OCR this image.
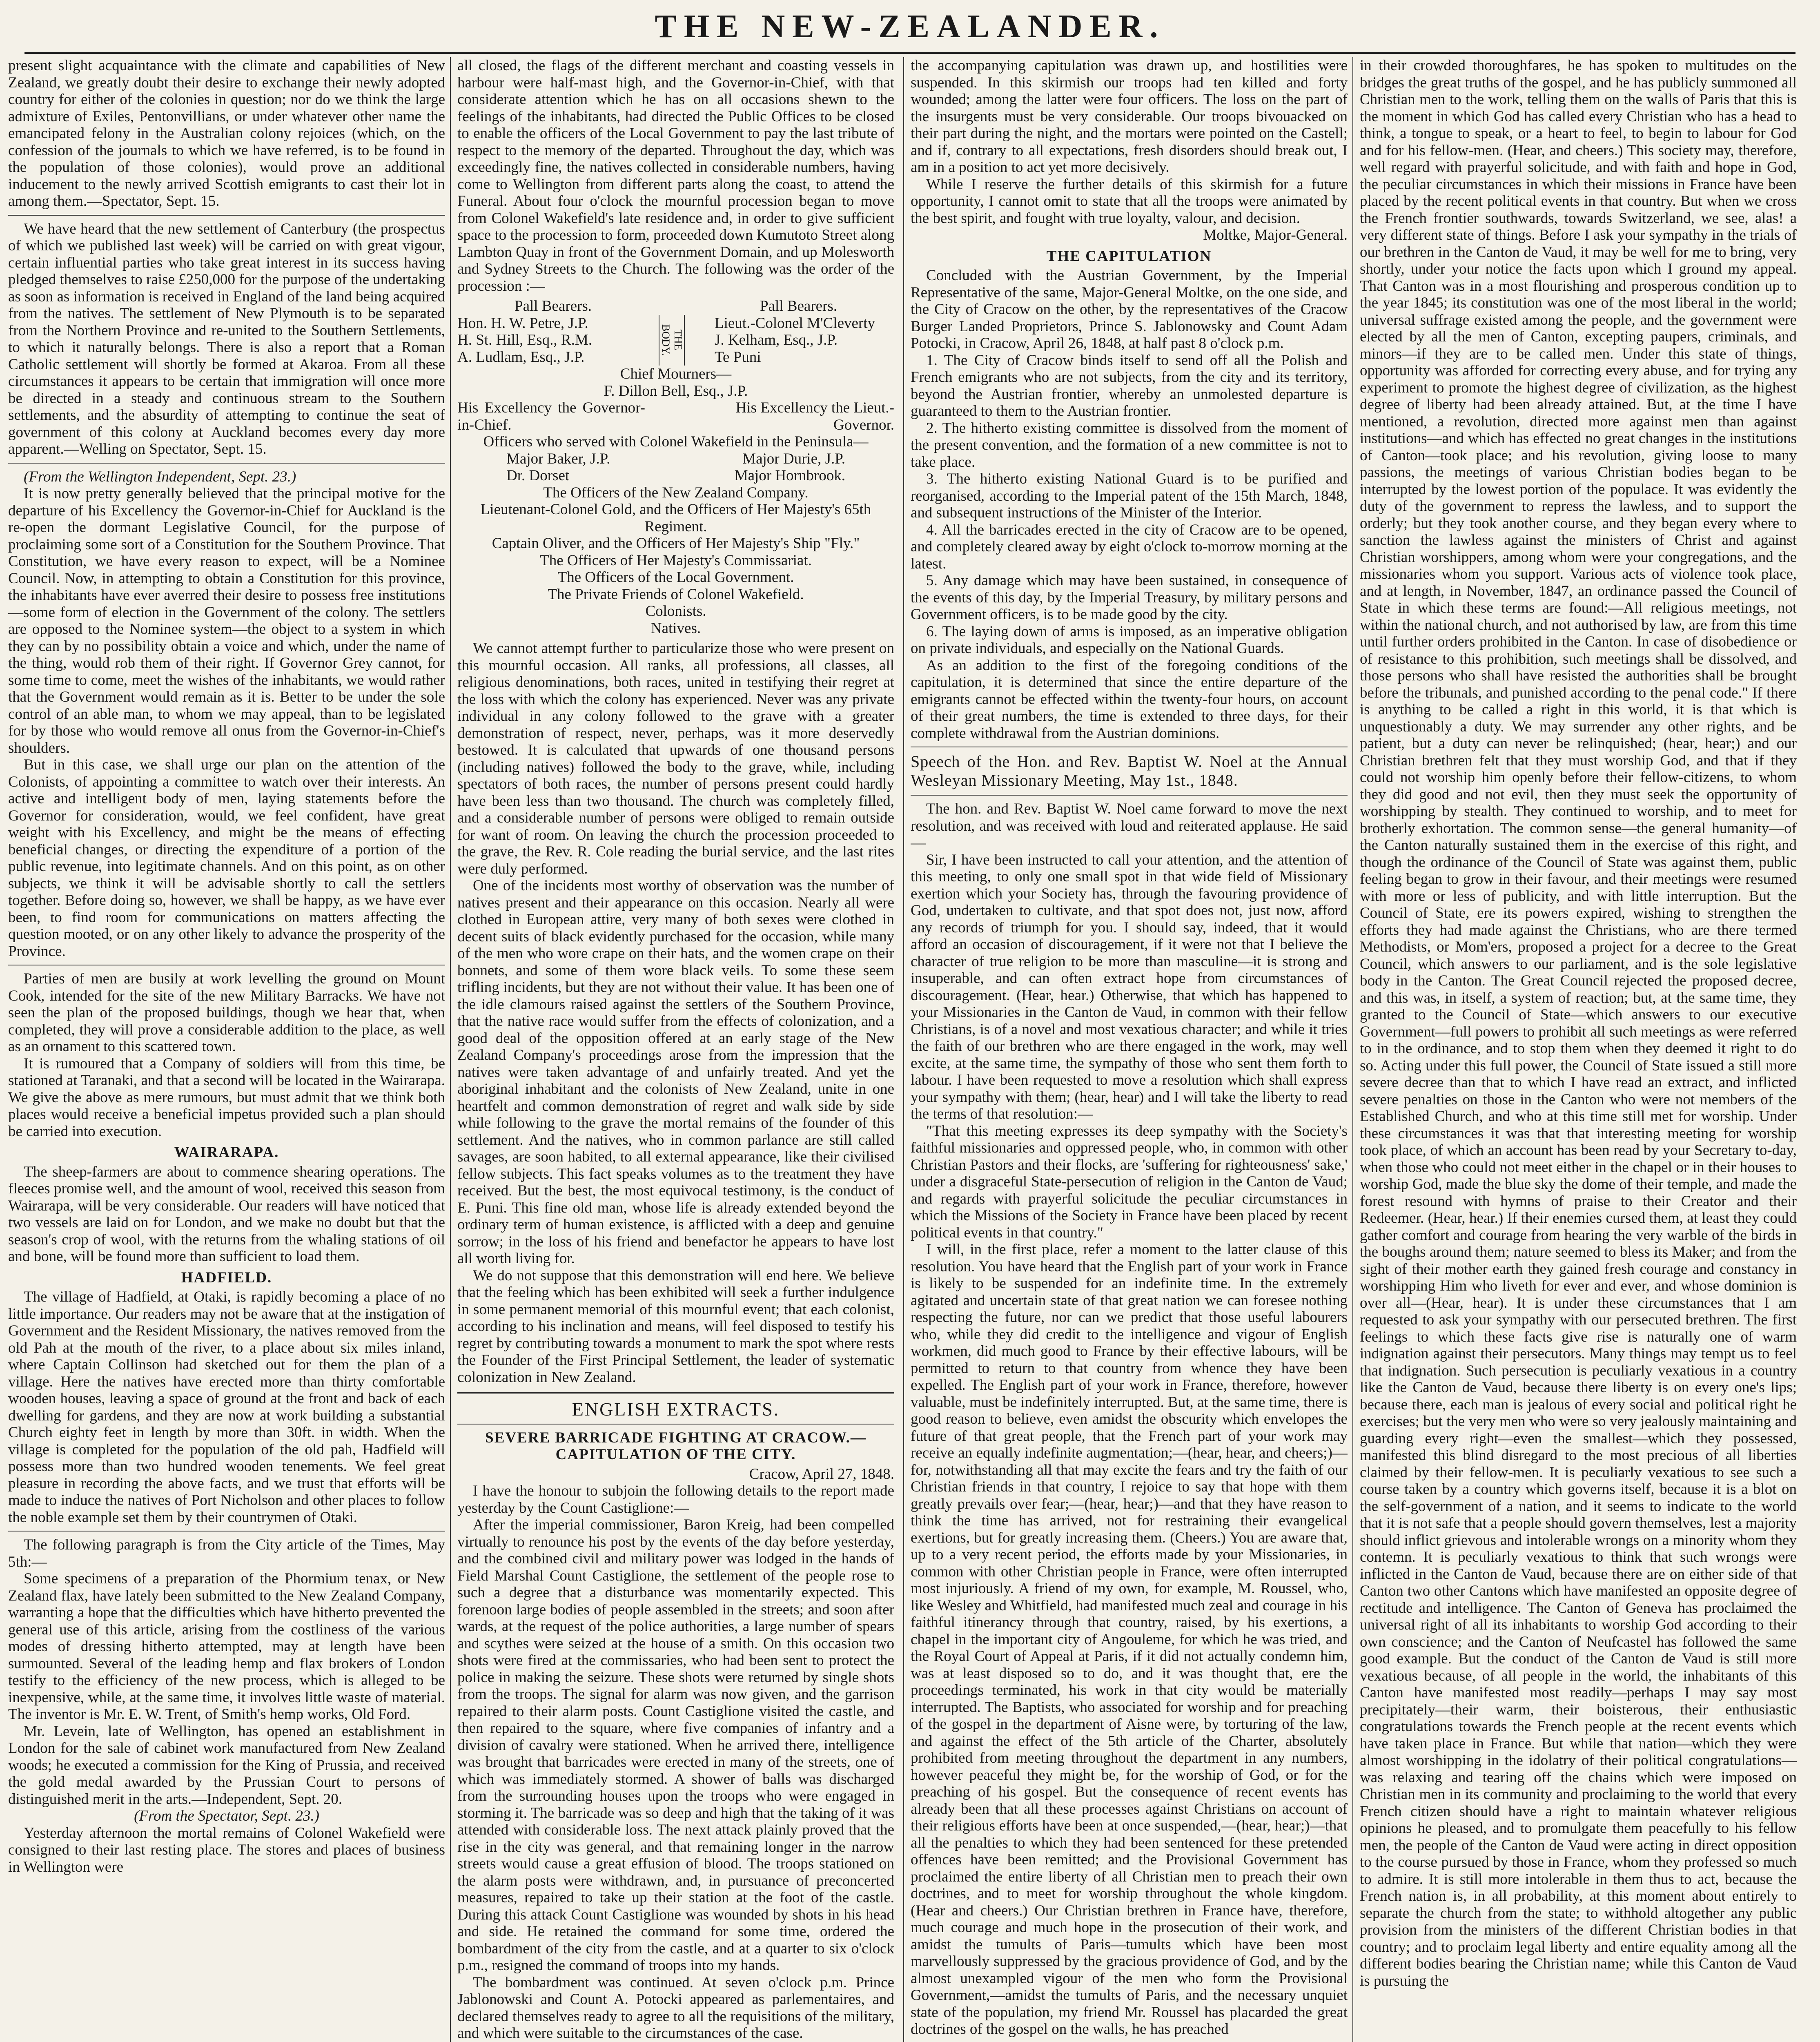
THE NEW-ZEALANDER.

present slight acquaintance with the climate and capabilities of New Zealand, we greatly doubt their desire to exchange their newly adopted country for either of the colonies in question; nor do we think the large admixture of Exiles, Pentonvillians, or under whatever other name the emancipated felony in the Australian colony rejoices (which, on the confession of the journals to which we have referred, is to be found in the population of those colonies), would prove an additional inducement to the newly arrived Scottish emigrants to cast their lot in among them.—Spectator, Sept. 15.

We have heard that the new settlement of Canterbury (the prospectus of which we published last week) will be carried on with great vigour, certain influential parties who take great interest in its success having pledged themselves to raise £250,000 for the purpose of the undertaking as soon as information is received in England of the land being acquired from the natives. The settlement of New Plymouth is to be separated from the Northern Province and re-united to the Southern Settlements, to which it naturally belongs. There is also a report that a Roman Catholic settlement will shortly be formed at Akaroa. From all these circumstances it appears to be certain that immigration will once more be directed in a steady and continuous stream to the Southern settlements, and the absurdity of attempting to continue the seat of government of this colony at Auckland becomes every day more apparent.—Welling on Spectator, Sept. 15.

(From the Wellington Independent, Sept. 23.)

It is now pretty generally believed that the principal motive for the departure of his Excellency the Governor-in-Chief for Auckland is the re-open the dormant Legislative Council, for the purpose of proclaiming some sort of a Constitution for the Southern Province. That Constitution, we have every reason to expect, will be a Nominee Council. Now, in attempting to obtain a Constitution for this province, the inhabitants have ever averred their desire to possess free institutions—some form of election in the Government of the colony. The settlers are opposed to the Nominee system—the object to a system in which they can by no possibility obtain a voice and which, under the name of the thing, would rob them of their right. If Governor Grey cannot, for some time to come, meet the wishes of the inhabitants, we would rather that the Government would remain as it is. Better to be under the sole control of an able man, to whom we may appeal, than to be legislated for by those who would remove all onus from the Governor-in-Chief's shoulders.

But in this case, we shall urge our plan on the attention of the Colonists, of appointing a committee to watch over their interests. An active and intelligent body of men, laying statements before the Governor for consideration, would, we feel confident, have great weight with his Excellency, and might be the means of effecting beneficial changes, or directing the expenditure of a portion of the public revenue, into legitimate channels. And on this point, as on other subjects, we think it will be advisable shortly to call the settlers together. Before doing so, however, we shall be happy, as we have ever been, to find room for communications on matters affecting the question mooted, or on any other likely to advance the prosperity of the Province.

Parties of men are busily at work levelling the ground on Mount Cook, intended for the site of the new Military Barracks. We have not seen the plan of the proposed buildings, though we hear that, when completed, they will prove a considerable addition to the place, as well as an ornament to this scattered town.

It is rumoured that a Company of soldiers will from this time, be stationed at Taranaki, and that a second will be located in the Wairarapa. We give the above as mere rumours, but must admit that we think both places would receive a beneficial impetus provided such a plan should be carried into execution.

WAIRARAPA.

The sheep-farmers are about to commence shearing operations. The fleeces promise well, and the amount of wool, received this season from Wairarapa, will be very considerable. Our readers will have noticed that two vessels are laid on for London, and we make no doubt but that the season's crop of wool, with the returns from the whaling stations of oil and bone, will be found more than sufficient to load them.

HADFIELD.

The village of Hadfield, at Otaki, is rapidly becoming a place of no little importance. Our readers may not be aware that at the instigation of Government and the Resident Missionary, the natives removed from the old Pah at the mouth of the river, to a place about six miles inland, where Captain Collinson had sketched out for them the plan of a village. Here the natives have erected more than thirty comfortable wooden houses, leaving a space of ground at the front and back of each dwelling for gardens, and they are now at work building a substantial Church eighty feet in length by more than 30ft. in width. When the village is completed for the population of the old pah, Hadfield will possess more than two hundred wooden tenements. We feel great pleasure in recording the above facts, and we trust that efforts will be made to induce the natives of Port Nicholson and other places to follow the noble example set them by their countrymen of Otaki.

The following paragraph is from the City article of the Times, May 5th:—

Some specimens of a preparation of the Phormium tenax, or New Zealand flax, have lately been submitted to the New Zealand Company, warranting a hope that the difficulties which have hitherto prevented the general use of this article, arising from the costliness of the various modes of dressing hitherto attempted, may at length have been surmounted. Several of the leading hemp and flax brokers of London testify to the efficiency of the new process, which is alleged to be inexpensive, while, at the same time, it involves little waste of material. The inventor is Mr. E. W. Trent, of Smith's hemp works, Old Ford.

Mr. Levein, late of Wellington, has opened an establishment in London for the sale of cabinet work manufactured from New Zealand woods; he executed a commission for the King of Prussia, and received the gold medal awarded by the Prussian Court to persons of distinguished merit in the arts.—Independent, Sept. 20.

(From the Spectator, Sept. 23.)

Yesterday afternoon the mortal remains of Colonel Wakefield were consigned to their last resting place. The stores and places of business in Wellington were

all closed, the flags of the different merchant and coasting vessels in harbour were half-mast high, and the Governor-in-Chief, with that considerate attention which he has on all occasions shewn to the feelings of the inhabitants, had directed the Public Offices to be closed to enable the officers of the Local Government to pay the last tribute of respect to the memory of the departed. Throughout the day, which was exceedingly fine, the natives collected in considerable numbers, having come to Wellington from different parts along the coast, to attend the Funeral. About four o'clock the mournful procession began to move from Colonel Wakefield's late residence and, in order to give sufficient space to the procession to form, proceeded down Kumutoto Street along Lambton Quay in front of the Government Domain, and up Molesworth and Sydney Streets to the Church. The following was the order of the procession :—

Pall Bearers.	Pall Bearers.
Hon. H. W. Petre, J.P.
H. St. Hill, Esq., R.M.
A. Ludlam, Esq., J.P.
THE BODY.
Lieut.-Colonel M'Cleverty
J. Kelham, Esq., J.P.
Te Puni
Chief Mourners—
F. Dillon Bell, Esq., J.P.
His Excellency the Governor-in-Chief.
His Excellency the Lieut.-Governor.
Officers who served with Colonel Wakefield in the Peninsula—
Major Baker, J.P.	Major Durie, J.P.
Dr. Dorset	Major Hornbrook.
The Officers of the New Zealand Company.
Lieutenant-Colonel Gold, and the Officers of Her Majesty's 65th Regiment.
Captain Oliver, and the Officers of Her Majesty's Ship "Fly."
The Officers of Her Majesty's Commissariat.
The Officers of the Local Government.
The Private Friends of Colonel Wakefield.
Colonists.
Natives.

We cannot attempt further to particularize those who were present on this mournful occasion. All ranks, all professions, all classes, all religious denominations, both races, united in testifying their regret at the loss with which the colony has experienced. Never was any private individual in any colony followed to the grave with a greater demonstration of respect, never, perhaps, was it more deservedly bestowed. It is calculated that upwards of one thousand persons (including natives) followed the body to the grave, while, including spectators of both races, the number of persons present could hardly have been less than two thousand. The church was completely filled, and a considerable number of persons were obliged to remain outside for want of room. On leaving the church the procession proceeded to the grave, the Rev. R. Cole reading the burial service, and the last rites were duly performed.

One of the incidents most worthy of observation was the number of natives present and their appearance on this occasion. Nearly all were clothed in European attire, very many of both sexes were clothed in decent suits of black evidently purchased for the occasion, while many of the men who wore crape on their hats, and the women crape on their bonnets, and some of them wore black veils. To some these seem trifling incidents, but they are not without their value. It has been one of the idle clamours raised against the settlers of the Southern Province, that the native race would suffer from the effects of colonization, and a good deal of the opposition offered at an early stage of the New Zealand Company's proceedings arose from the impression that the natives were taken advantage of and unfairly treated. And yet the aboriginal inhabitant and the colonists of New Zealand, unite in one heartfelt and common demonstration of regret and walk side by side while following to the grave the mortal remains of the founder of this settlement. And the natives, who in common parlance are still called savages, are soon habited, to all external appearance, like their civilised fellow subjects. This fact speaks volumes as to the treatment they have received. But the best, the most equivocal testimony, is the conduct of E. Puni. This fine old man, whose life is already extended beyond the ordinary term of human existence, is afflicted with a deep and genuine sorrow; in the loss of his friend and benefactor he appears to have lost all worth living for.

We do not suppose that this demonstration will end here. We believe that the feeling which has been exhibited will seek a further indulgence in some permanent memorial of this mournful event; that each colonist, according to his inclination and means, will feel disposed to testify his regret by contributing towards a monument to mark the spot where rests the Founder of the First Principal Settlement, the leader of systematic colonization in New Zealand.

ENGLISH EXTRACTS.

SEVERE BARRICADE FIGHTING AT CRACOW.—CAPITULATION OF THE CITY.

Cracow, April 27, 1848.

I have the honour to subjoin the following details to the report made yesterday by the Count Castiglione:—

After the imperial commissioner, Baron Kreig, had been compelled virtually to renounce his post by the events of the day before yesterday, and the combined civil and military power was lodged in the hands of Field Marshal Count Castiglione, the settlement of the people rose to such a degree that a disturbance was momentarily expected. This forenoon large bodies of people assembled in the streets; and soon after wards, at the request of the police authorities, a large number of spears and scythes were seized at the house of a smith. On this occasion two shots were fired at the commissaries, who had been sent to protect the police in making the seizure. These shots were returned by single shots from the troops. The signal for alarm was now given, and the garrison repaired to their alarm posts. Count Castiglione visited the castle, and then repaired to the square, where five companies of infantry and a division of cavalry were stationed. When he arrived there, intelligence was brought that barricades were erected in many of the streets, one of which was immediately stormed. A shower of balls was discharged from the surrounding houses upon the troops who were engaged in storming it. The barricade was so deep and high that the taking of it was attended with considerable loss. The next attack plainly proved that the rise in the city was general, and that remaining longer in the narrow streets would cause a great effusion of blood. The troops stationed on the alarm posts were withdrawn, and, in pursuance of preconcerted measures, repaired to take up their station at the foot of the castle. During this attack Count Castiglione was wounded by shots in his head and side. He retained the command for some time, ordered the bombardment of the city from the castle, and at a quarter to six o'clock p.m., resigned the command of troops into my hands.

The bombardment was continued. At seven o'clock p.m. Prince Jablonowski and Count A. Potocki appeared as parlementaires, and declared themselves ready to agree to all the requisitions of the military, and which were suitable to the circumstances of the case.

the accompanying capitulation was drawn up, and hostilities were suspended. In this skirmish our troops had ten killed and forty wounded; among the latter were four officers. The loss on the part of the insurgents must be very considerable. Our troops bivouacked on their part during the night, and the mortars were pointed on the Castell; and if, contrary to all expectations, fresh disorders should break out, I am in a position to act yet more decisively.

While I reserve the further details of this skirmish for a future opportunity, I cannot omit to state that all the troops were animated by the best spirit, and fought with true loyalty, valour, and decision.

Moltke, Major-General.

THE CAPITULATION

Concluded with the Austrian Government, by the Imperial Representative of the same, Major-General Moltke, on the one side, and the City of Cracow on the other, by the representatives of the Cracow Burger Landed Proprietors, Prince S. Jablonowsky and Count Adam Potocki, in Cracow, April 26, 1848, at half past 8 o'clock p.m.

1. The City of Cracow binds itself to send off all the Polish and French emigrants who are not subjects, from the city and its territory, beyond the Austrian frontier, whereby an unmolested departure is guaranteed to them to the Austrian frontier.

2. The hitherto existing committee is dissolved from the moment of the present convention, and the formation of a new committee is not to take place.

3. The hitherto existing National Guard is to be purified and reorganised, according to the Imperial patent of the 15th March, 1848, and subsequent instructions of the Minister of the Interior.

4. All the barricades erected in the city of Cracow are to be opened, and completely cleared away by eight o'clock to-morrow morning at the latest.

5. Any damage which may have been sustained, in consequence of the events of this day, by the Imperial Treasury, by military persons and Government officers, is to be made good by the city.

6. The laying down of arms is imposed, as an imperative obligation on private individuals, and especially on the National Guards.

As an addition to the first of the foregoing conditions of the capitulation, it is determined that since the entire departure of the emigrants cannot be effected within the twenty-four hours, on account of their great numbers, the time is extended to three days, for their complete withdrawal from the Austrian dominions.

Speech of the Hon. and Rev. Baptist W. Noel at the Annual Wesleyan Missionary Meeting, May 1st., 1848.

The hon. and Rev. Baptist W. Noel came forward to move the next resolution, and was received with loud and reiterated applause. He said—

Sir, I have been instructed to call your attention, and the attention of this meeting, to only one small spot in that wide field of Missionary exertion which your Society has, through the favouring providence of God, undertaken to cultivate, and that spot does not, just now, afford any records of triumph for you. I should say, indeed, that it would afford an occasion of discouragement, if it were not that I believe the character of true religion to be more than masculine—it is strong and insuperable, and can often extract hope from circumstances of discouragement. (Hear, hear.) Otherwise, that which has happened to your Missionaries in the Canton de Vaud, in common with their fellow Christians, is of a novel and most vexatious character; and while it tries the faith of our brethren who are there engaged in the work, may well excite, at the same time, the sympathy of those who sent them forth to labour. I have been requested to move a resolution which shall express your sympathy with them; (hear, hear) and I will take the liberty to read the terms of that resolution:—

"That this meeting expresses its deep sympathy with the Society's faithful missionaries and oppressed people, who, in common with other Christian Pastors and their flocks, are 'suffering for righteousness' sake,' under a disgraceful State-persecution of religion in the Canton de Vaud; and regards with prayerful solicitude the peculiar circumstances in which the Missions of the Society in France have been placed by recent political events in that country."

I will, in the first place, refer a moment to the latter clause of this resolution. You have heard that the English part of your work in France is likely to be suspended for an indefinite time. In the extremely agitated and uncertain state of that great nation we can foresee nothing respecting the future, nor can we predict that those useful labourers who, while they did credit to the intelligence and vigour of English workmen, did much good to France by their effective labours, will be permitted to return to that country from whence they have been expelled. The English part of your work in France, therefore, however valuable, must be indefinitely interrupted. But, at the same time, there is good reason to believe, even amidst the obscurity which envelopes the future of that great people, that the French part of your work may receive an equally indefinite augmentation;—(hear, hear, and cheers;)—for, notwithstanding all that may excite the fears and try the faith of our Christian friends in that country, I rejoice to say that hope with them greatly prevails over fear;—(hear, hear;)—and that they have reason to think the time has arrived, not for restraining their evangelical exertions, but for greatly increasing them. (Cheers.) You are aware that, up to a very recent period, the efforts made by your Missionaries, in common with other Christian people in France, were often interrupted most injuriously. A friend of my own, for example, M. Roussel, who, like Wesley and Whitfield, had manifested much zeal and courage in his faithful itinerancy through that country, raised, by his exertions, a chapel in the important city of Angouleme, for which he was tried, and the Royal Court of Appeal at Paris, if it did not actually condemn him, was at least disposed so to do, and it was thought that, ere the proceedings terminated, his work in that city would be materially interrupted. The Baptists, who associated for worship and for preaching of the gospel in the department of Aisne were, by torturing of the law, and against the effect of the 5th article of the Charter, absolutely prohibited from meeting throughout the department in any numbers, however peaceful they might be, for the worship of God, or for the preaching of his gospel. But the consequence of recent events has already been that all these processes against Christians on account of their religious efforts have been at once suspended,—(hear, hear;)—that all the penalties to which they had been sentenced for these pretended offences have been remitted; and the Provisional Government has proclaimed the entire liberty of all Christian men to preach their own doctrines, and to meet for worship throughout the whole kingdom. (Hear and cheers.) Our Christian brethren in France have, therefore, much courage and much hope in the prosecution of their work, and amidst the tumults of Paris—tumults which have been most marvellously suppressed by the gracious providence of God, and by the almost unexampled vigour of the men who form the Provisional Government,—amidst the tumults of Paris, and the necessary unquiet state of the population, my friend Mr. Roussel has placarded the great doctrines of the gospel on the walls, he has preached

in their crowded thoroughfares, he has spoken to multitudes on the bridges the great truths of the gospel, and he has publicly summoned all Christian men to the work, telling them on the walls of Paris that this is the moment in which God has called every Christian who has a head to think, a tongue to speak, or a heart to feel, to begin to labour for God and for his fellow-men. (Hear, and cheers.) This society may, therefore, well regard with prayerful solicitude, and with faith and hope in God, the peculiar circumstances in which their missions in France have been placed by the recent political events in that country. But when we cross the French frontier southwards, towards Switzerland, we see, alas! a very different state of things. Before I ask your sympathy in the trials of our brethren in the Canton de Vaud, it may be well for me to bring, very shortly, under your notice the facts upon which I ground my appeal. That Canton was in a most flourishing and prosperous condition up to the year 1845; its constitution was one of the most liberal in the world; universal suffrage existed among the people, and the government were elected by all the men of Canton, excepting paupers, criminals, and minors—if they are to be called men. Under this state of things, opportunity was afforded for correcting every abuse, and for trying any experiment to promote the highest degree of civilization, as the highest degree of liberty had been already attained. But, at the time I have mentioned, a revolution, directed more against men than against institutions—and which has effected no great changes in the institutions of Canton—took place; and his revolution, giving loose to many passions, the meetings of various Christian bodies began to be interrupted by the lowest portion of the populace. It was evidently the duty of the government to repress the lawless, and to support the orderly; but they took another course, and they began every where to sanction the lawless against the ministers of Christ and against Christian worshippers, among whom were your congregations, and the missionaries whom you support. Various acts of violence took place, and at length, in November, 1847, an ordinance passed the Council of State in which these terms are found:—All religious meetings, not within the national church, and not authorised by law, are from this time until further orders prohibited in the Canton. In case of disobedience or of resistance to this prohibition, such meetings shall be dissolved, and those persons who shall have resisted the authorities shall be brought before the tribunals, and punished according to the penal code." If there is anything to be called a right in this world, it is that which is unquestionably a duty. We may surrender any other rights, and be patient, but a duty can never be relinquished; (hear, hear;) and our Christian brethren felt that they must worship God, and that if they could not worship him openly before their fellow-citizens, to whom they did good and not evil, then they must seek the opportunity of worshipping by stealth. They continued to worship, and to meet for brotherly exhortation. The common sense—the general humanity—of the Canton naturally sustained them in the exercise of this right, and though the ordinance of the Council of State was against them, public feeling began to grow in their favour, and their meetings were resumed with more or less of publicity, and with little interruption. But the Council of State, ere its powers expired, wishing to strengthen the efforts they had made against the Christians, who are there termed Methodists, or Mom'ers, proposed a project for a decree to the Great Council, which answers to our parliament, and is the sole legislative body in the Canton. The Great Council rejected the proposed decree, and this was, in itself, a system of reaction; but, at the same time, they granted to the Council of State—which answers to our executive Government—full powers to prohibit all such meetings as were referred to in the ordinance, and to stop them when they deemed it right to do so. Acting under this full power, the Council of State issued a still more severe decree than that to which I have read an extract, and inflicted severe penalties on those in the Canton who were not members of the Established Church, and who at this time still met for worship. Under these circumstances it was that that interesting meeting for worship took place, of which an account has been read by your Secretary to-day, when those who could not meet either in the chapel or in their houses to worship God, made the blue sky the dome of their temple, and made the forest resound with hymns of praise to their Creator and their Redeemer. (Hear, hear.) If their enemies cursed them, at least they could gather comfort and courage from hearing the very warble of the birds in the boughs around them; nature seemed to bless its Maker; and from the sight of their mother earth they gained fresh courage and constancy in worshipping Him who liveth for ever and ever, and whose dominion is over all—(Hear, hear). It is under these circumstances that I am requested to ask your sympathy with our persecuted brethren. The first feelings to which these facts give rise is naturally one of warm indignation against their persecutors. Many things may tempt us to feel that indignation. Such persecution is peculiarly vexatious in a country like the Canton de Vaud, because there liberty is on every one's lips; because there, each man is jealous of every social and political right he exercises; but the very men who were so very jealously maintaining and guarding every right—even the smallest—which they possessed, manifested this blind disregard to the most precious of all liberties claimed by their fellow-men. It is peculiarly vexatious to see such a course taken by a country which governs itself, because it is a blot on the self-government of a nation, and it seems to indicate to the world that it is not safe that a people should govern themselves, lest a majority should inflict grievous and intolerable wrongs on a minority whom they contemn. It is peculiarly vexatious to think that such wrongs were inflicted in the Canton de Vaud, because there are on either side of that Canton two other Cantons which have manifested an opposite degree of rectitude and intelligence. The Canton of Geneva has proclaimed the universal right of all its inhabitants to worship God according to their own conscience; and the Canton of Neufcastel has followed the same good example. But the conduct of the Canton de Vaud is still more vexatious because, of all people in the world, the inhabitants of this Canton have manifested most readily—perhaps I may say most precipitately—their warm, their boisterous, their enthusiastic congratulations towards the French people at the recent events which have taken place in France. But while that nation—which they were almost worshipping in the idolatry of their political congratulations—was relaxing and tearing off the chains which were imposed on Christian men in its community and proclaiming to the world that every French citizen should have a right to maintain whatever religious opinions he pleased, and to promulgate them peacefully to his fellow men, the people of the Canton de Vaud were acting in direct opposition to the course pursued by those in France, whom they professed so much to admire. It is still more intolerable in them thus to act, because the French nation is, in all probability, at this moment about entirely to separate the church from the state; to withhold altogether any public provision from the ministers of the different Christian bodies in that country; and to proclaim legal liberty and entire equality among all the different bodies bearing the Christian name; while this Canton de Vaud is pursuing the
